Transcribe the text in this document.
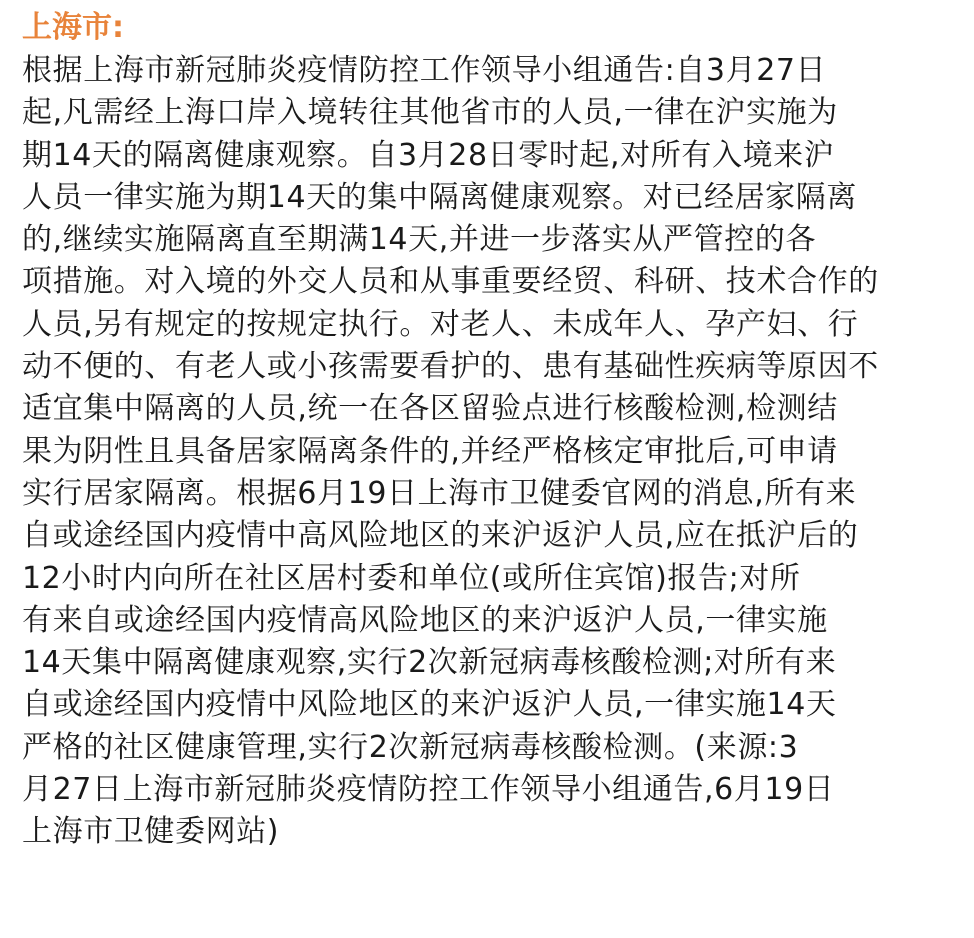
上海市:
根据上海市新冠肺炎疫情防控工作领导小组通告:自3月27日
起,凡需经上海口岸入境转往其他省市的人员,一律在沪实施为
期14天的隔离健康观察。自3月28日零时起,对所有入境来沪
人员一律实施为期14天的集中隔离健康观察。对已经居家隔离
的,继续实施隔离直至期满14天,并进一步落实从严管控的各
项措施。对入境的外交人员和从事重要经贸、科研、技术合作的
人员,另有规定的按规定执行。对老人、未成年人、孕产妇、行
动不便的、有老人或小孩需要看护的、患有基础性疾病等原因不
适宜集中隔离的人员,统一在各区留验点进行核酸检测,检测结
果为阴性且具备居家隔离条件的,并经严格核定审批后,可申请
实行居家隔离。根据6月19日上海市卫健委官网的消息,所有来
自或途经国内疫情中高风险地区的来沪返沪人员,应在抵沪后的
12小时内向所在社区居村委和单位(或所住宾馆)报告;对所
有来自或途经国内疫情高风险地区的来沪返沪人员,一律实施
14天集中隔离健康观察,实行2次新冠病毒核酸检测;对所有来
自或途经国内疫情中风险地区的来沪返沪人员,一律实施14天
严格的社区健康管理,实行2次新冠病毒核酸检测。(来源:3
月27日上海市新冠肺炎疫情防控工作领导小组通告,6月19日
上海市卫健委网站)
